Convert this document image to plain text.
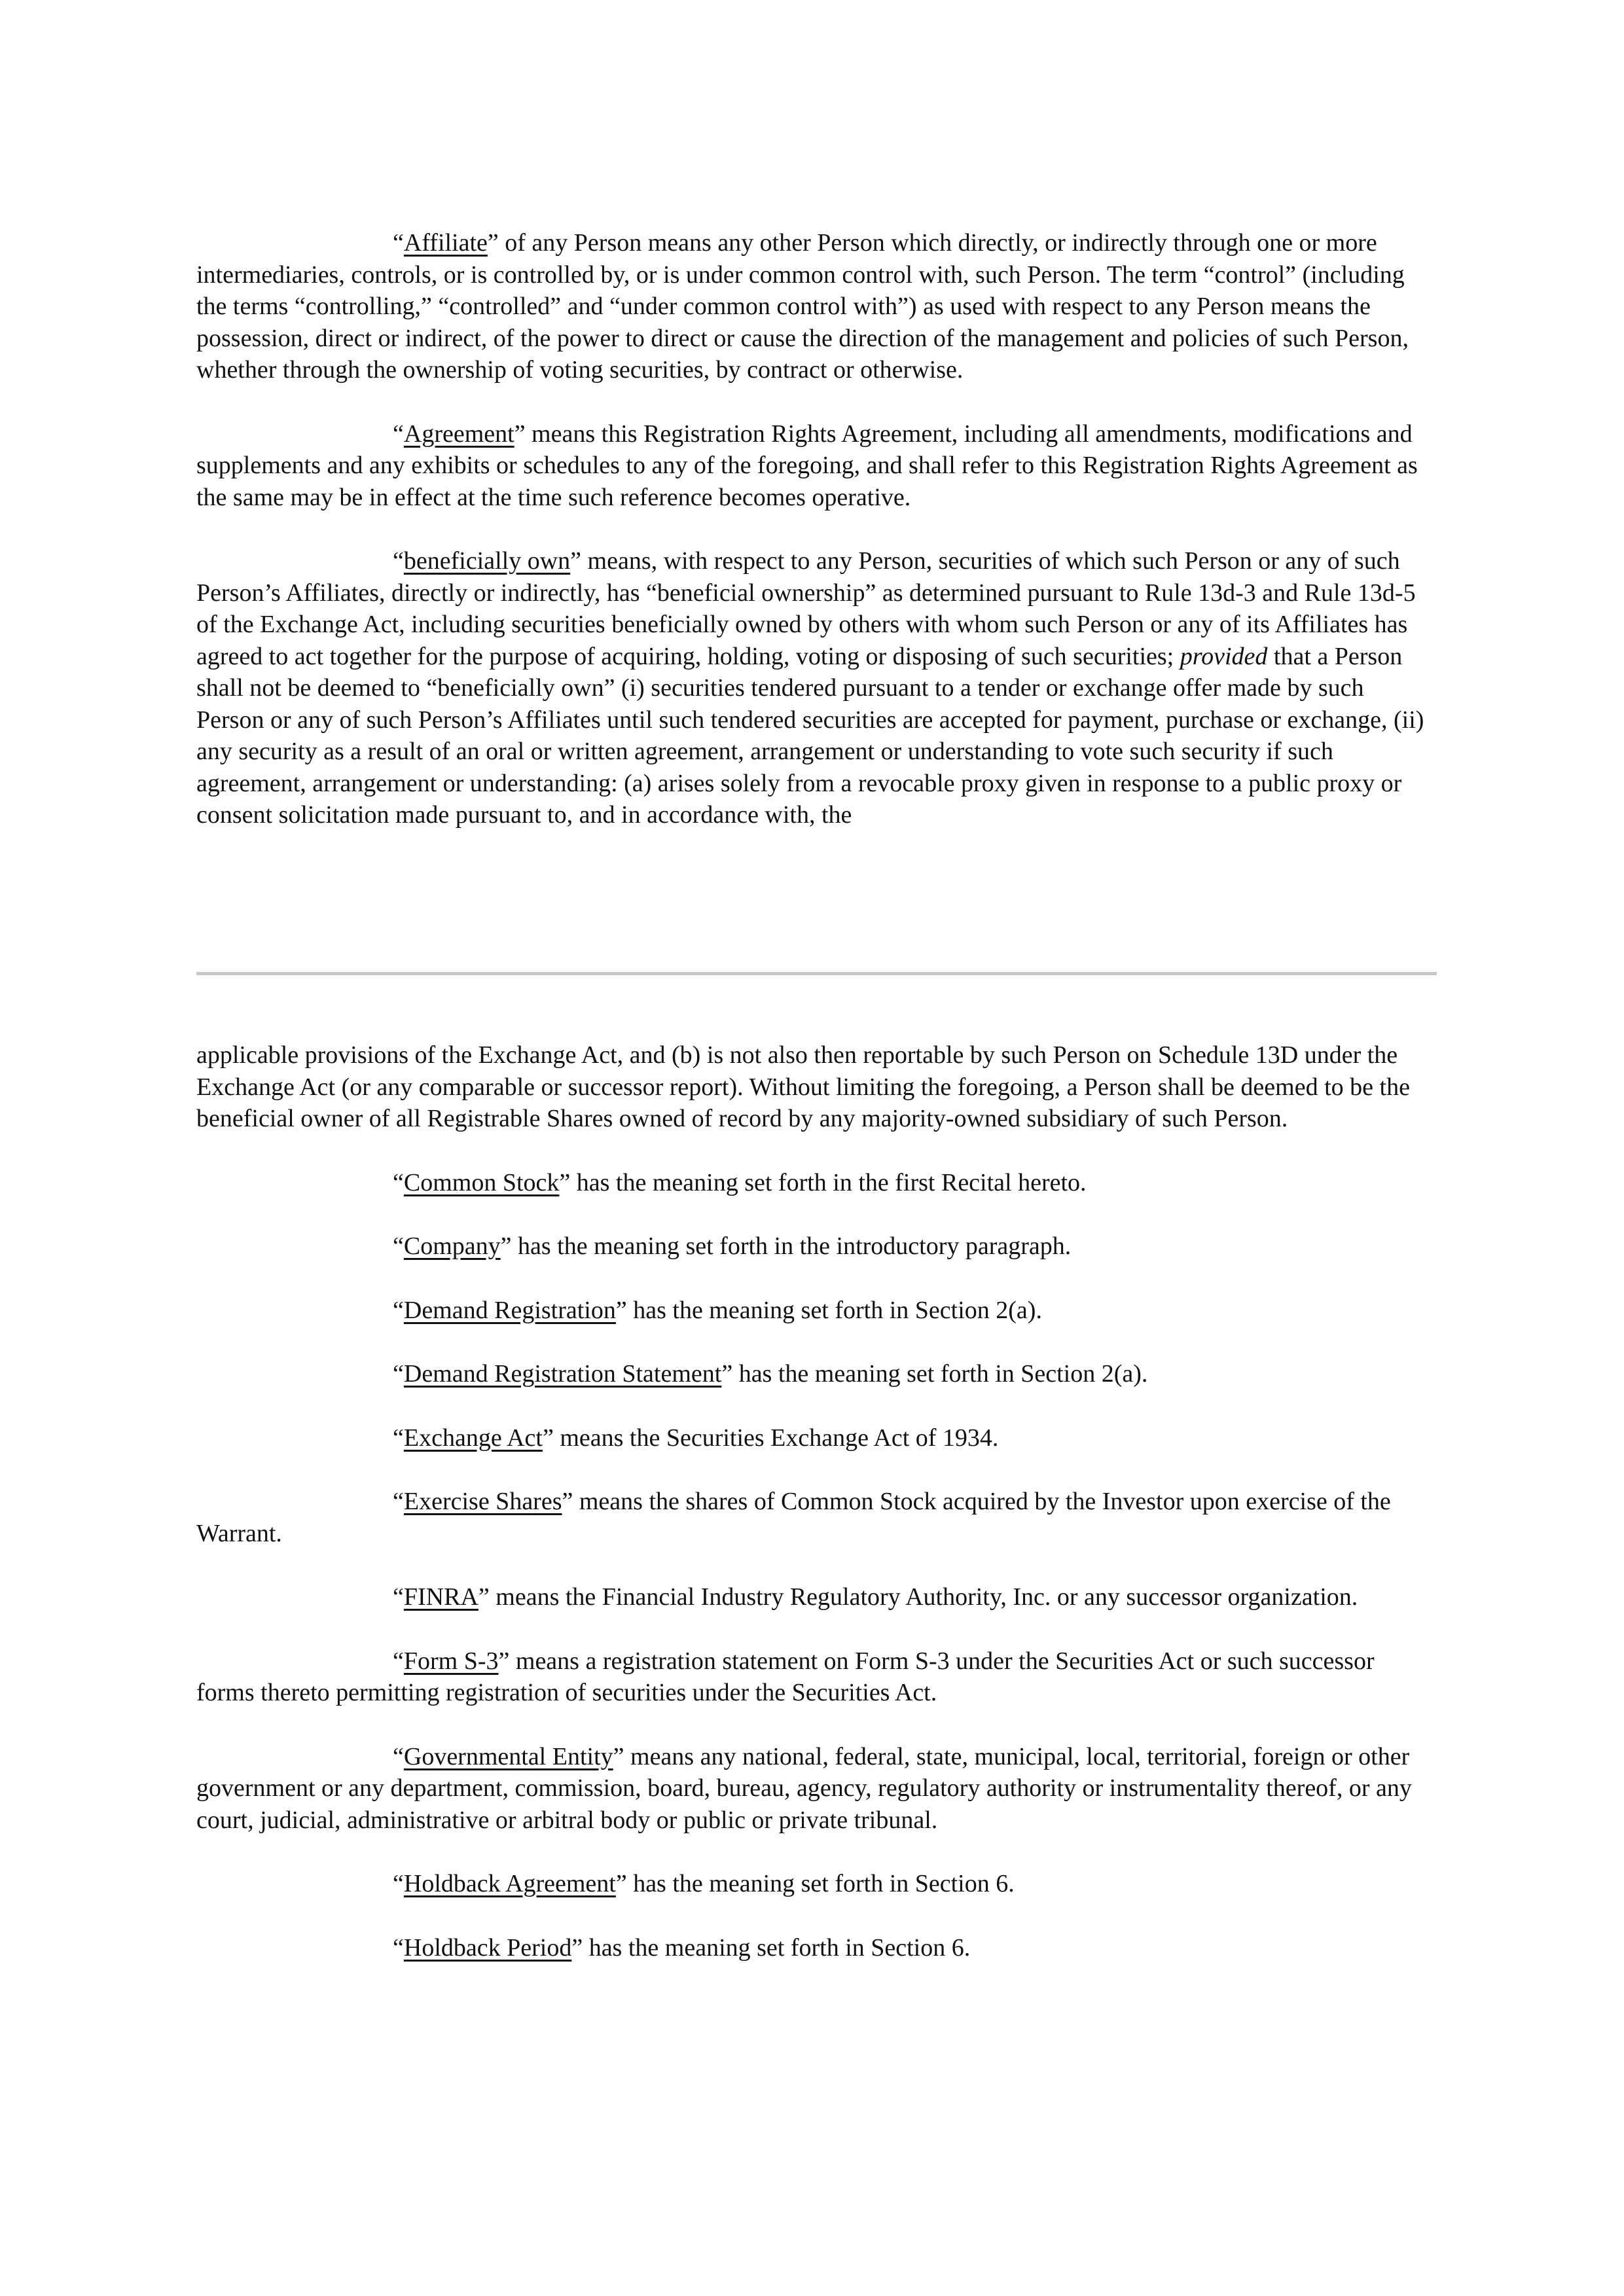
“Affiliate” of any Person means any other Person which directly, or indirectly through one or more intermediaries, controls, or is controlled by, or is under common control with, such Person. The term “control” (including the terms “controlling,” “controlled” and “under common control with”) as used with respect to any Person means the possession, direct or indirect, of the power to direct or cause the direction of the management and policies of such Person, whether through the ownership of voting securities, by contract or otherwise.

“Agreement” means this Registration Rights Agreement, including all amendments, modifications and supplements and any exhibits or schedules to any of the foregoing, and shall refer to this Registration Rights Agreement as the same may be in effect at the time such reference becomes operative.

“beneficially own” means, with respect to any Person, securities of which such Person or any of such Person’s Affiliates, directly or indirectly, has “beneficial ownership” as determined pursuant to Rule 13d-3 and Rule 13d-5 of the Exchange Act, including securities beneficially owned by others with whom such Person or any of its Affiliates has agreed to act together for the purpose of acquiring, holding, voting or disposing of such securities; provided that a Person shall not be deemed to “beneficially own” (i) securities tendered pursuant to a tender or exchange offer made by such Person or any of such Person’s Affiliates until such tendered securities are accepted for payment, purchase or exchange, (ii) any security as a result of an oral or written agreement, arrangement or understanding to vote such security if such agreement, arrangement or understanding: (a) arises solely from a revocable proxy given in response to a public proxy or consent solicitation made pursuant to, and in accordance with, the

applicable provisions of the Exchange Act, and (b) is not also then reportable by such Person on Schedule 13D under the Exchange Act (or any comparable or successor report). Without limiting the foregoing, a Person shall be deemed to be the beneficial owner of all Registrable Shares owned of record by any majority-owned subsidiary of such Person.

“Common Stock” has the meaning set forth in the first Recital hereto.

“Company” has the meaning set forth in the introductory paragraph.

“Demand Registration” has the meaning set forth in Section 2(a).

“Demand Registration Statement” has the meaning set forth in Section 2(a).

“Exchange Act” means the Securities Exchange Act of 1934.

“Exercise Shares” means the shares of Common Stock acquired by the Investor upon exercise of the Warrant.

“FINRA” means the Financial Industry Regulatory Authority, Inc. or any successor organization.

“Form S-3” means a registration statement on Form S-3 under the Securities Act or such successor forms thereto permitting registration of securities under the Securities Act.

“Governmental Entity” means any national, federal, state, municipal, local, territorial, foreign or other government or any department, commission, board, bureau, agency, regulatory authority or instrumentality thereof, or any court, judicial, administrative or arbitral body or public or private tribunal.

“Holdback Agreement” has the meaning set forth in Section 6.

“Holdback Period” has the meaning set forth in Section 6.
